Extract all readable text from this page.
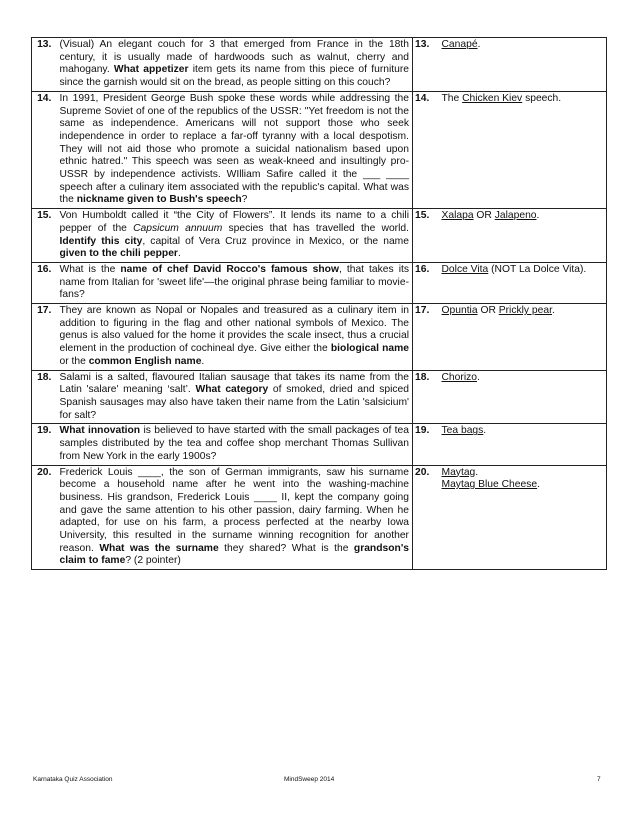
13.	(Visual) An elegant couch for 3 that emerged from France in the 18th century, it is usually made of hardwoods such as walnut, cherry and mahogany. What appetizer item gets its name from this piece of furniture since the garnish would sit on the bread, as people sitting on this couch?	13.	Canapé.
14.	In 1991, President George Bush spoke these words while addressing the Supreme Soviet of one of the republics of the USSR: "Yet freedom is not the same as independence. Americans will not support those who seek independence in order to replace a far-off tyranny with a local despotism. They will not aid those who promote a suicidal nationalism based upon ethnic hatred." This speech was seen as weak-kneed and insultingly pro-USSR by independence activists. WIlliam Safire called it the ___ ____ speech after a culinary item associated with the republic's capital. What was the nickname given to Bush's speech?	14.	The Chicken Kiev speech.
15.	Von Humboldt called it “the City of Flowers”. It lends its name to a chili pepper of the Capsicum annuum species that has travelled the world. Identify this city, capital of Vera Cruz province in Mexico, or the name given to the chili pepper.	15.	Xalapa OR Jalapeno.
16.	What is the name of chef David Rocco's famous show, that takes its name from Italian for 'sweet life'—the original phrase being familiar to movie-fans?	16.	Dolce Vita (NOT La Dolce Vita).
17.	They are known as Nopal or Nopales and treasured as a culinary item in addition to figuring in the flag and other national symbols of Mexico. The genus is also valued for the home it provides the scale insect, thus a crucial element in the production of cochineal dye. Give either the biological name or the common English name.	17.	Opuntia OR Prickly pear.
18.	Salami is a salted, flavoured Italian sausage that takes its name from the Latin 'salare' meaning ‘salt’. What category of smoked, dried and spiced Spanish sausages may also have taken their name from the Latin 'salsicium' for salt?	18.	Chorizo.
19.	What innovation is believed to have started with the small packages of tea samples distributed by the tea and coffee shop merchant Thomas Sullivan from New York in the early 1900s?	19.	Tea bags.
20.	Frederick Louis ____, the son of German immigrants, saw his surname become a household name after he went into the washing-machine business. His grandson, Frederick Louis ____ II, kept the company going and gave the same attention to his other passion, dairy farming. When he adapted, for use on his farm, a process perfected at the nearby Iowa University, this resulted in the surname winning recognition for another reason. What was the surname they shared? What is the grandson's claim to fame? (2 pointer)	20.	Maytag.
Maytag Blue Cheese.
Karnataka Quiz Association	MindSweep 2014	7
